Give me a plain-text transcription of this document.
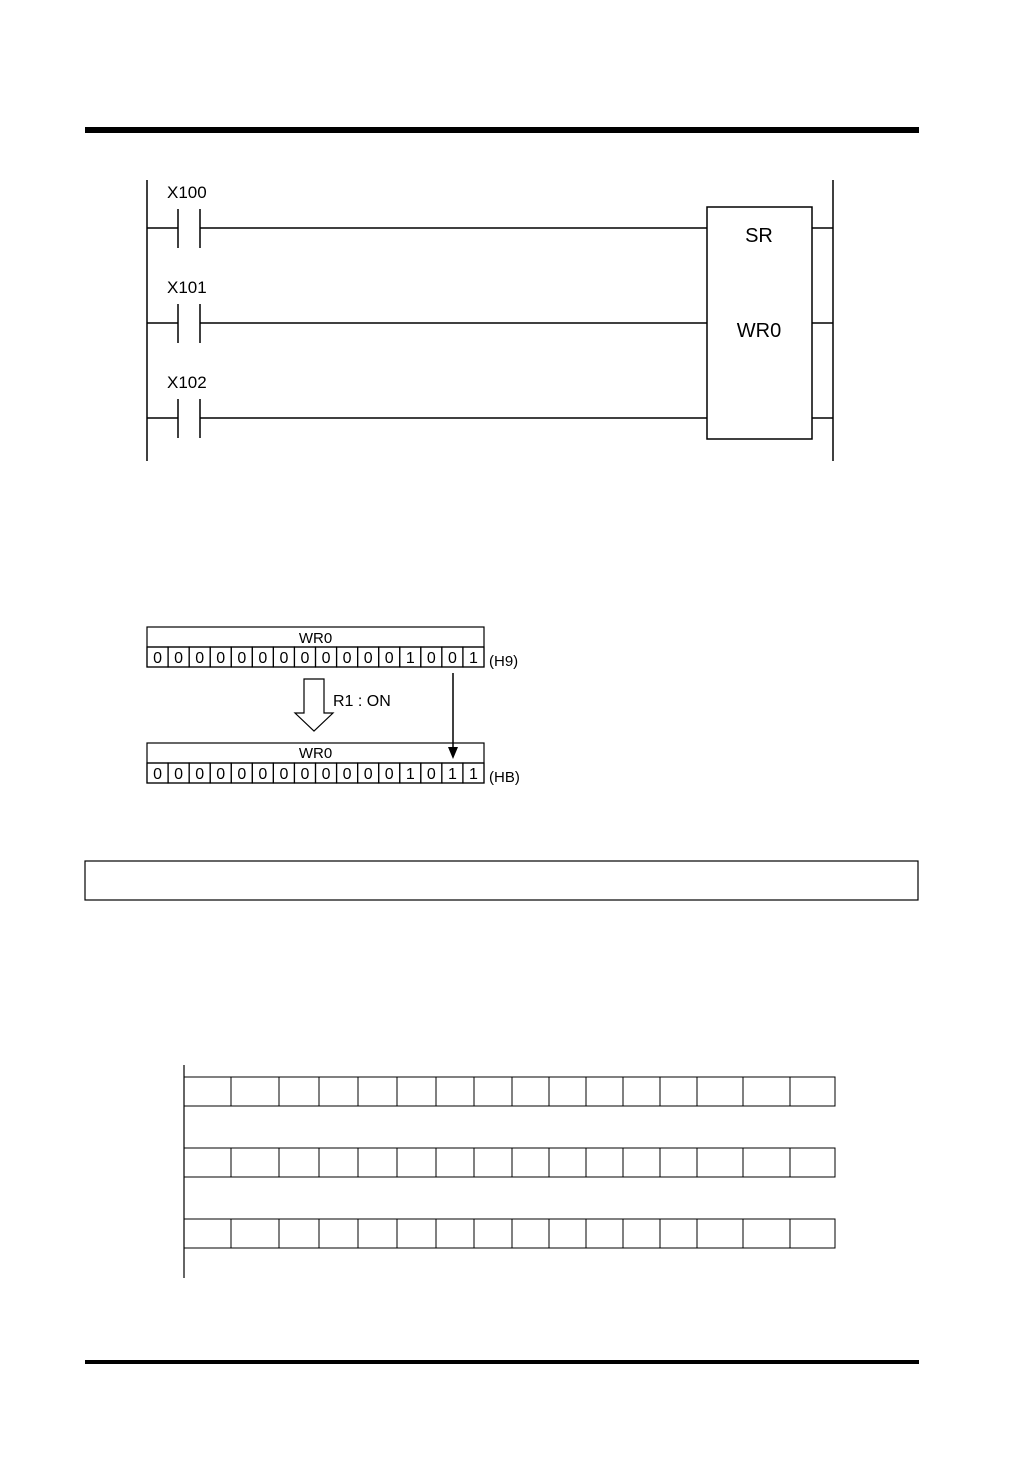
X100
X101
X102
SR
WR0
WR0
0 0 0 0 0 0 0 0 0 0 0 0 1 0 0 1 (H9)
R1 : ON
WR0
0 0 0 0 0 0 0 0 0 0 0 0 1 0 1 1 (HB)
